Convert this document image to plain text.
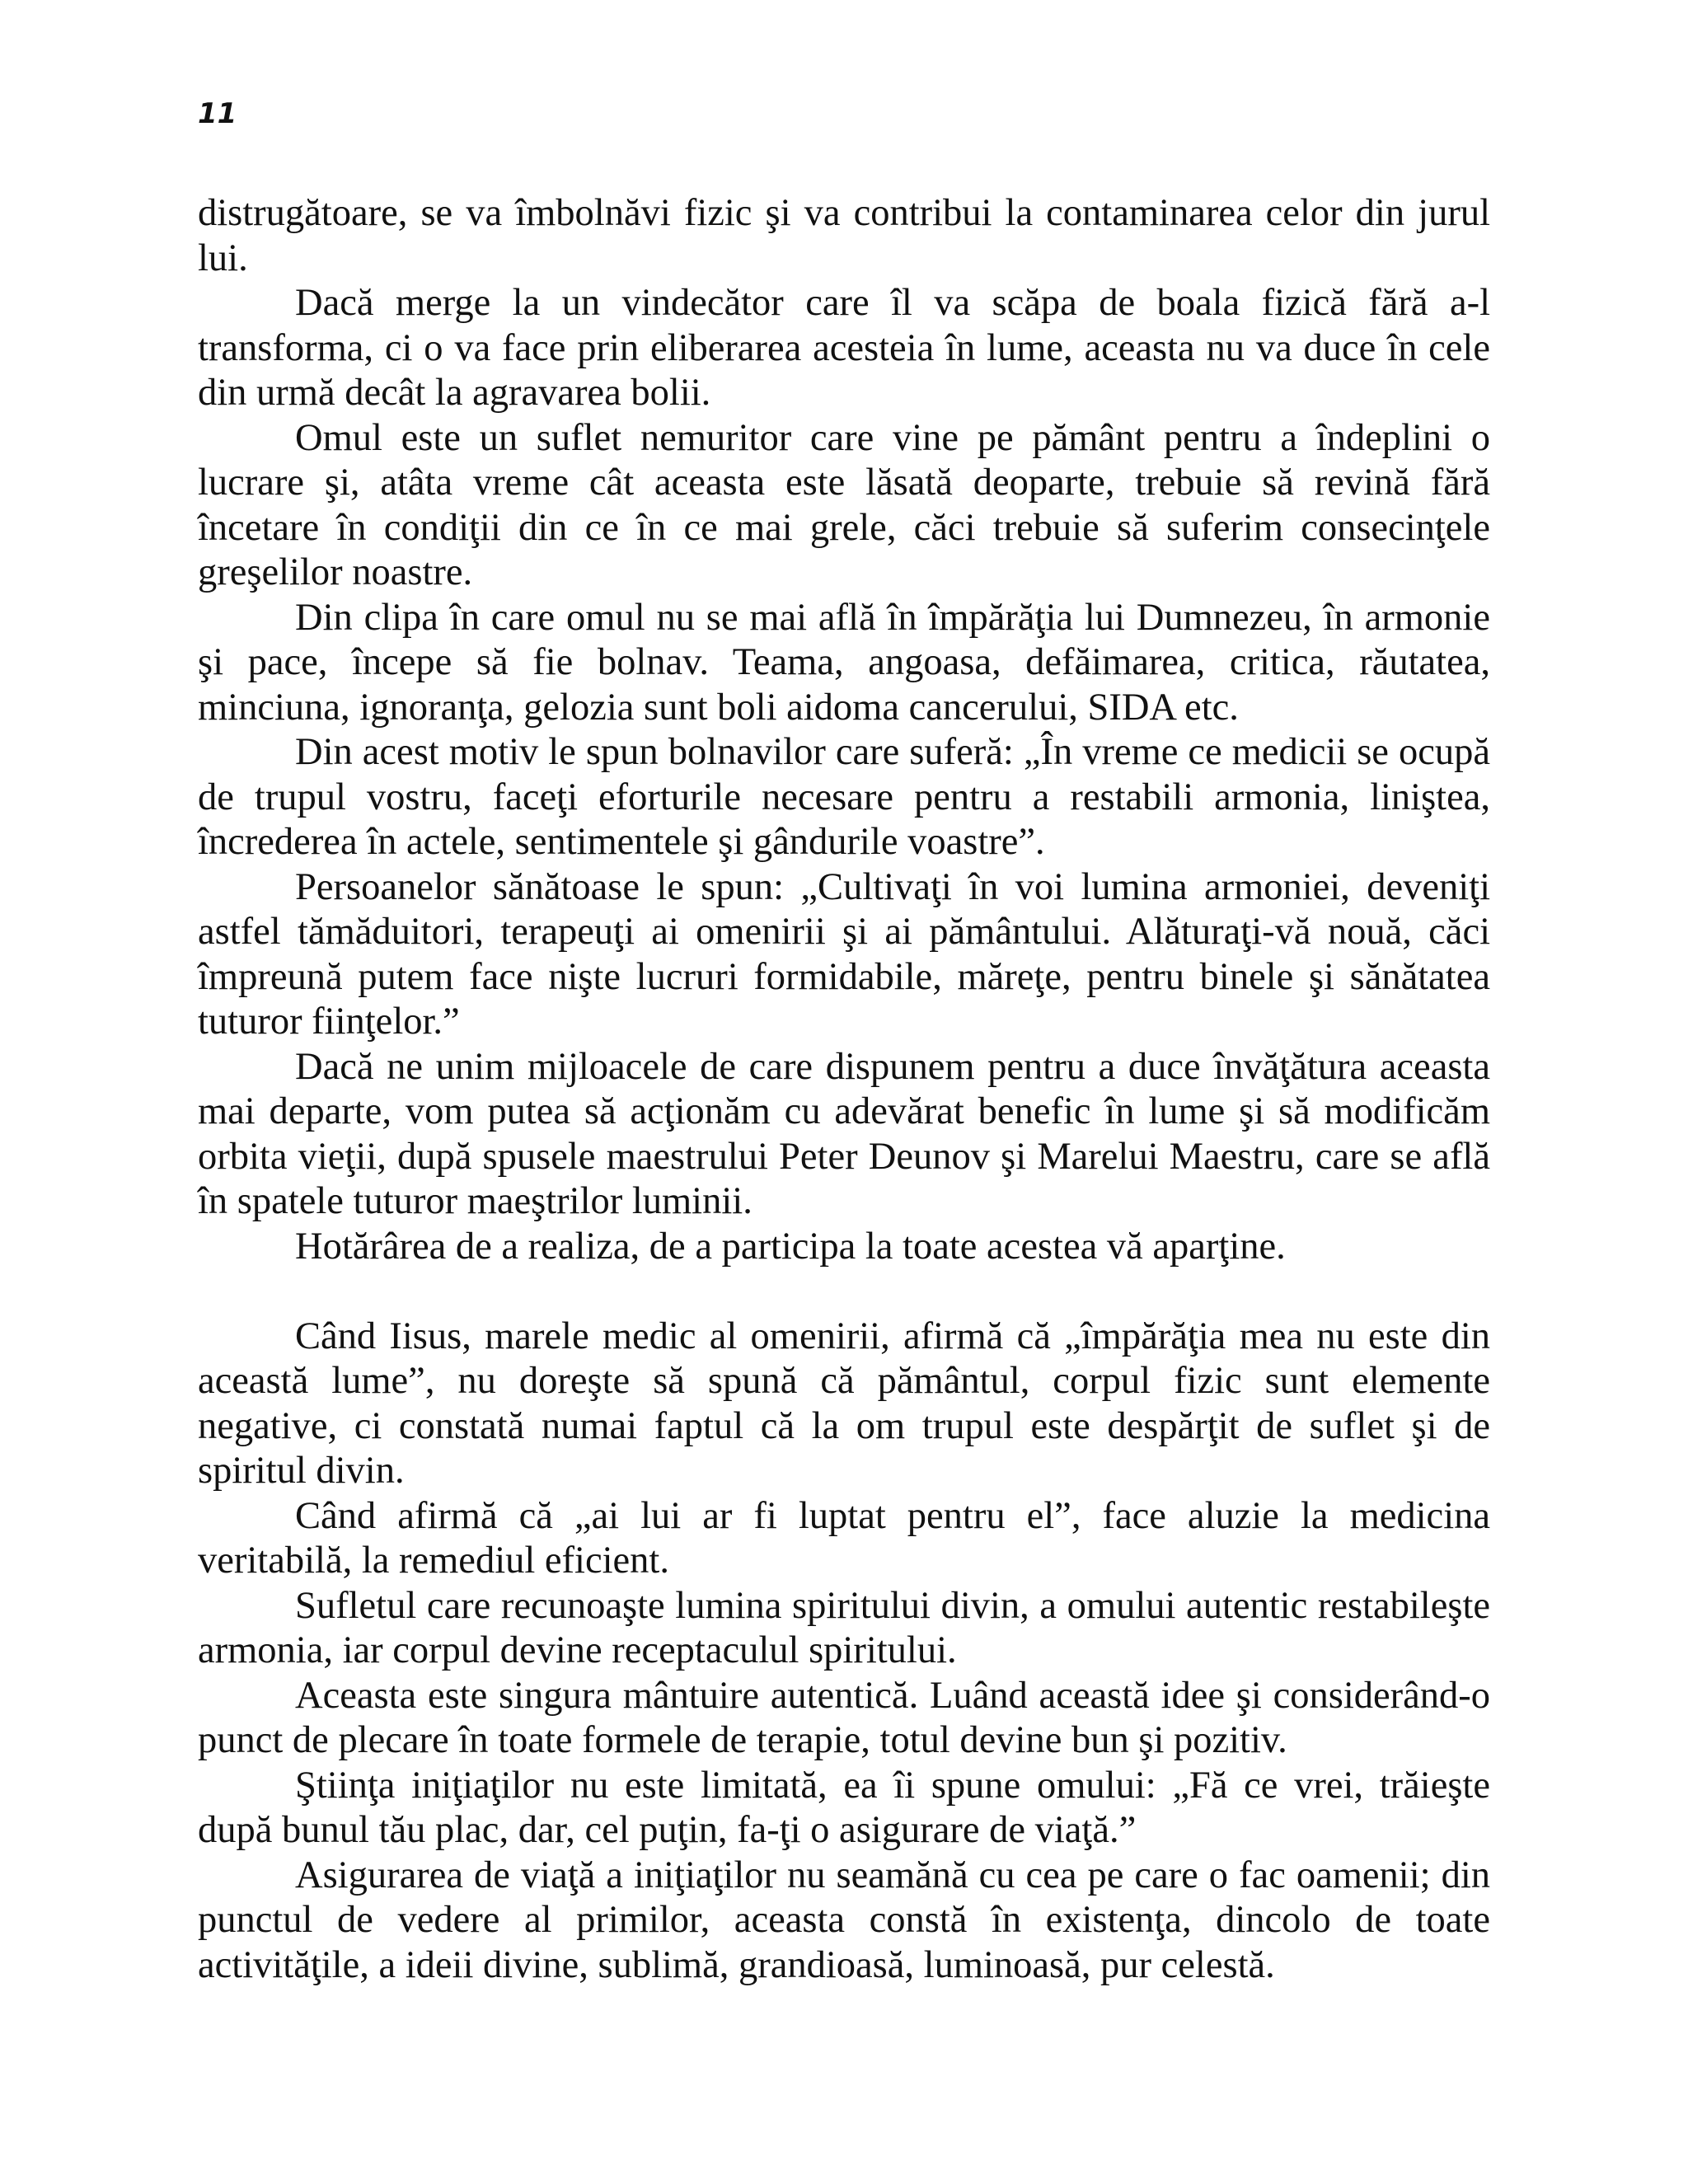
11

distrugătoare, se va îmbolnăvi fizic şi va contribui la contaminarea celor din jurul lui.

Dacă merge la un vindecător care îl va scăpa de boala fizică fără a-l transforma, ci o va face prin eliberarea acesteia în lume, aceasta nu va duce în cele din urmă decât la agravarea bolii.

Omul este un suflet nemuritor care vine pe pământ pentru a îndeplini o lucrare şi, atâta vreme cât aceasta este lăsată deoparte, trebuie să revină fără încetare în condiţii din ce în ce mai grele, căci trebuie să suferim consecinţele greşelilor noastre.

Din clipa în care omul nu se mai află în împărăţia lui Dumnezeu, în armonie şi pace, începe să fie bolnav. Teama, angoasa, defăimarea, critica, răutatea, minciuna, ignoranţa, gelozia sunt boli aidoma cancerului, SIDA etc.

Din acest motiv le spun bolnavilor care suferă: „În vreme ce medicii se ocupă de trupul vostru, faceţi eforturile necesare pentru a restabili armonia, liniştea, încrederea în actele, sentimentele şi gândurile voastre”.

Persoanelor sănătoase le spun: „Cultivaţi în voi lumina armoniei, deveniţi astfel tămăduitori, terapeuţi ai omenirii şi ai pământului. Alăturaţi-vă nouă, căci împreună putem face nişte lucruri formidabile, măreţe, pentru binele şi sănătatea tuturor fiinţelor.”

Dacă ne unim mijloacele de care dispunem pentru a duce învăţătura aceasta mai departe, vom putea să acţionăm cu adevărat benefic în lume şi să modificăm orbita vieţii, după spusele maestrului Peter Deunov şi Marelui Maestru, care se află în spatele tuturor maeştrilor luminii.

Hotărârea de a realiza, de a participa la toate acestea vă aparţine.

Când Iisus, marele medic al omenirii, afirmă că „împărăţia mea nu este din această lume”, nu doreşte să spună că pământul, corpul fizic sunt elemente negative, ci constată numai faptul că la om trupul este despărţit de suflet şi de spiritul divin.

Când afirmă că „ai lui ar fi luptat pentru el”, face aluzie la medicina veritabilă, la remediul eficient.

Sufletul care recunoaşte lumina spiritului divin, a omului autentic restabileşte armonia, iar corpul devine receptaculul spiritului.

Aceasta este singura mântuire autentică. Luând această idee şi considerând-o punct de plecare în toate formele de terapie, totul devine bun şi pozitiv.

Ştiinţa iniţiaţilor nu este limitată, ea îi spune omului: „Fă ce vrei, trăieşte după bunul tău plac, dar, cel puţin, fa-ţi o asigurare de viaţă.”

Asigurarea de viaţă a iniţiaţilor nu seamănă cu cea pe care o fac oamenii; din punctul de vedere al primilor, aceasta constă în existenţa, dincolo de toate activităţile, a ideii divine, sublimă, grandioasă, luminoasă, pur celestă.
